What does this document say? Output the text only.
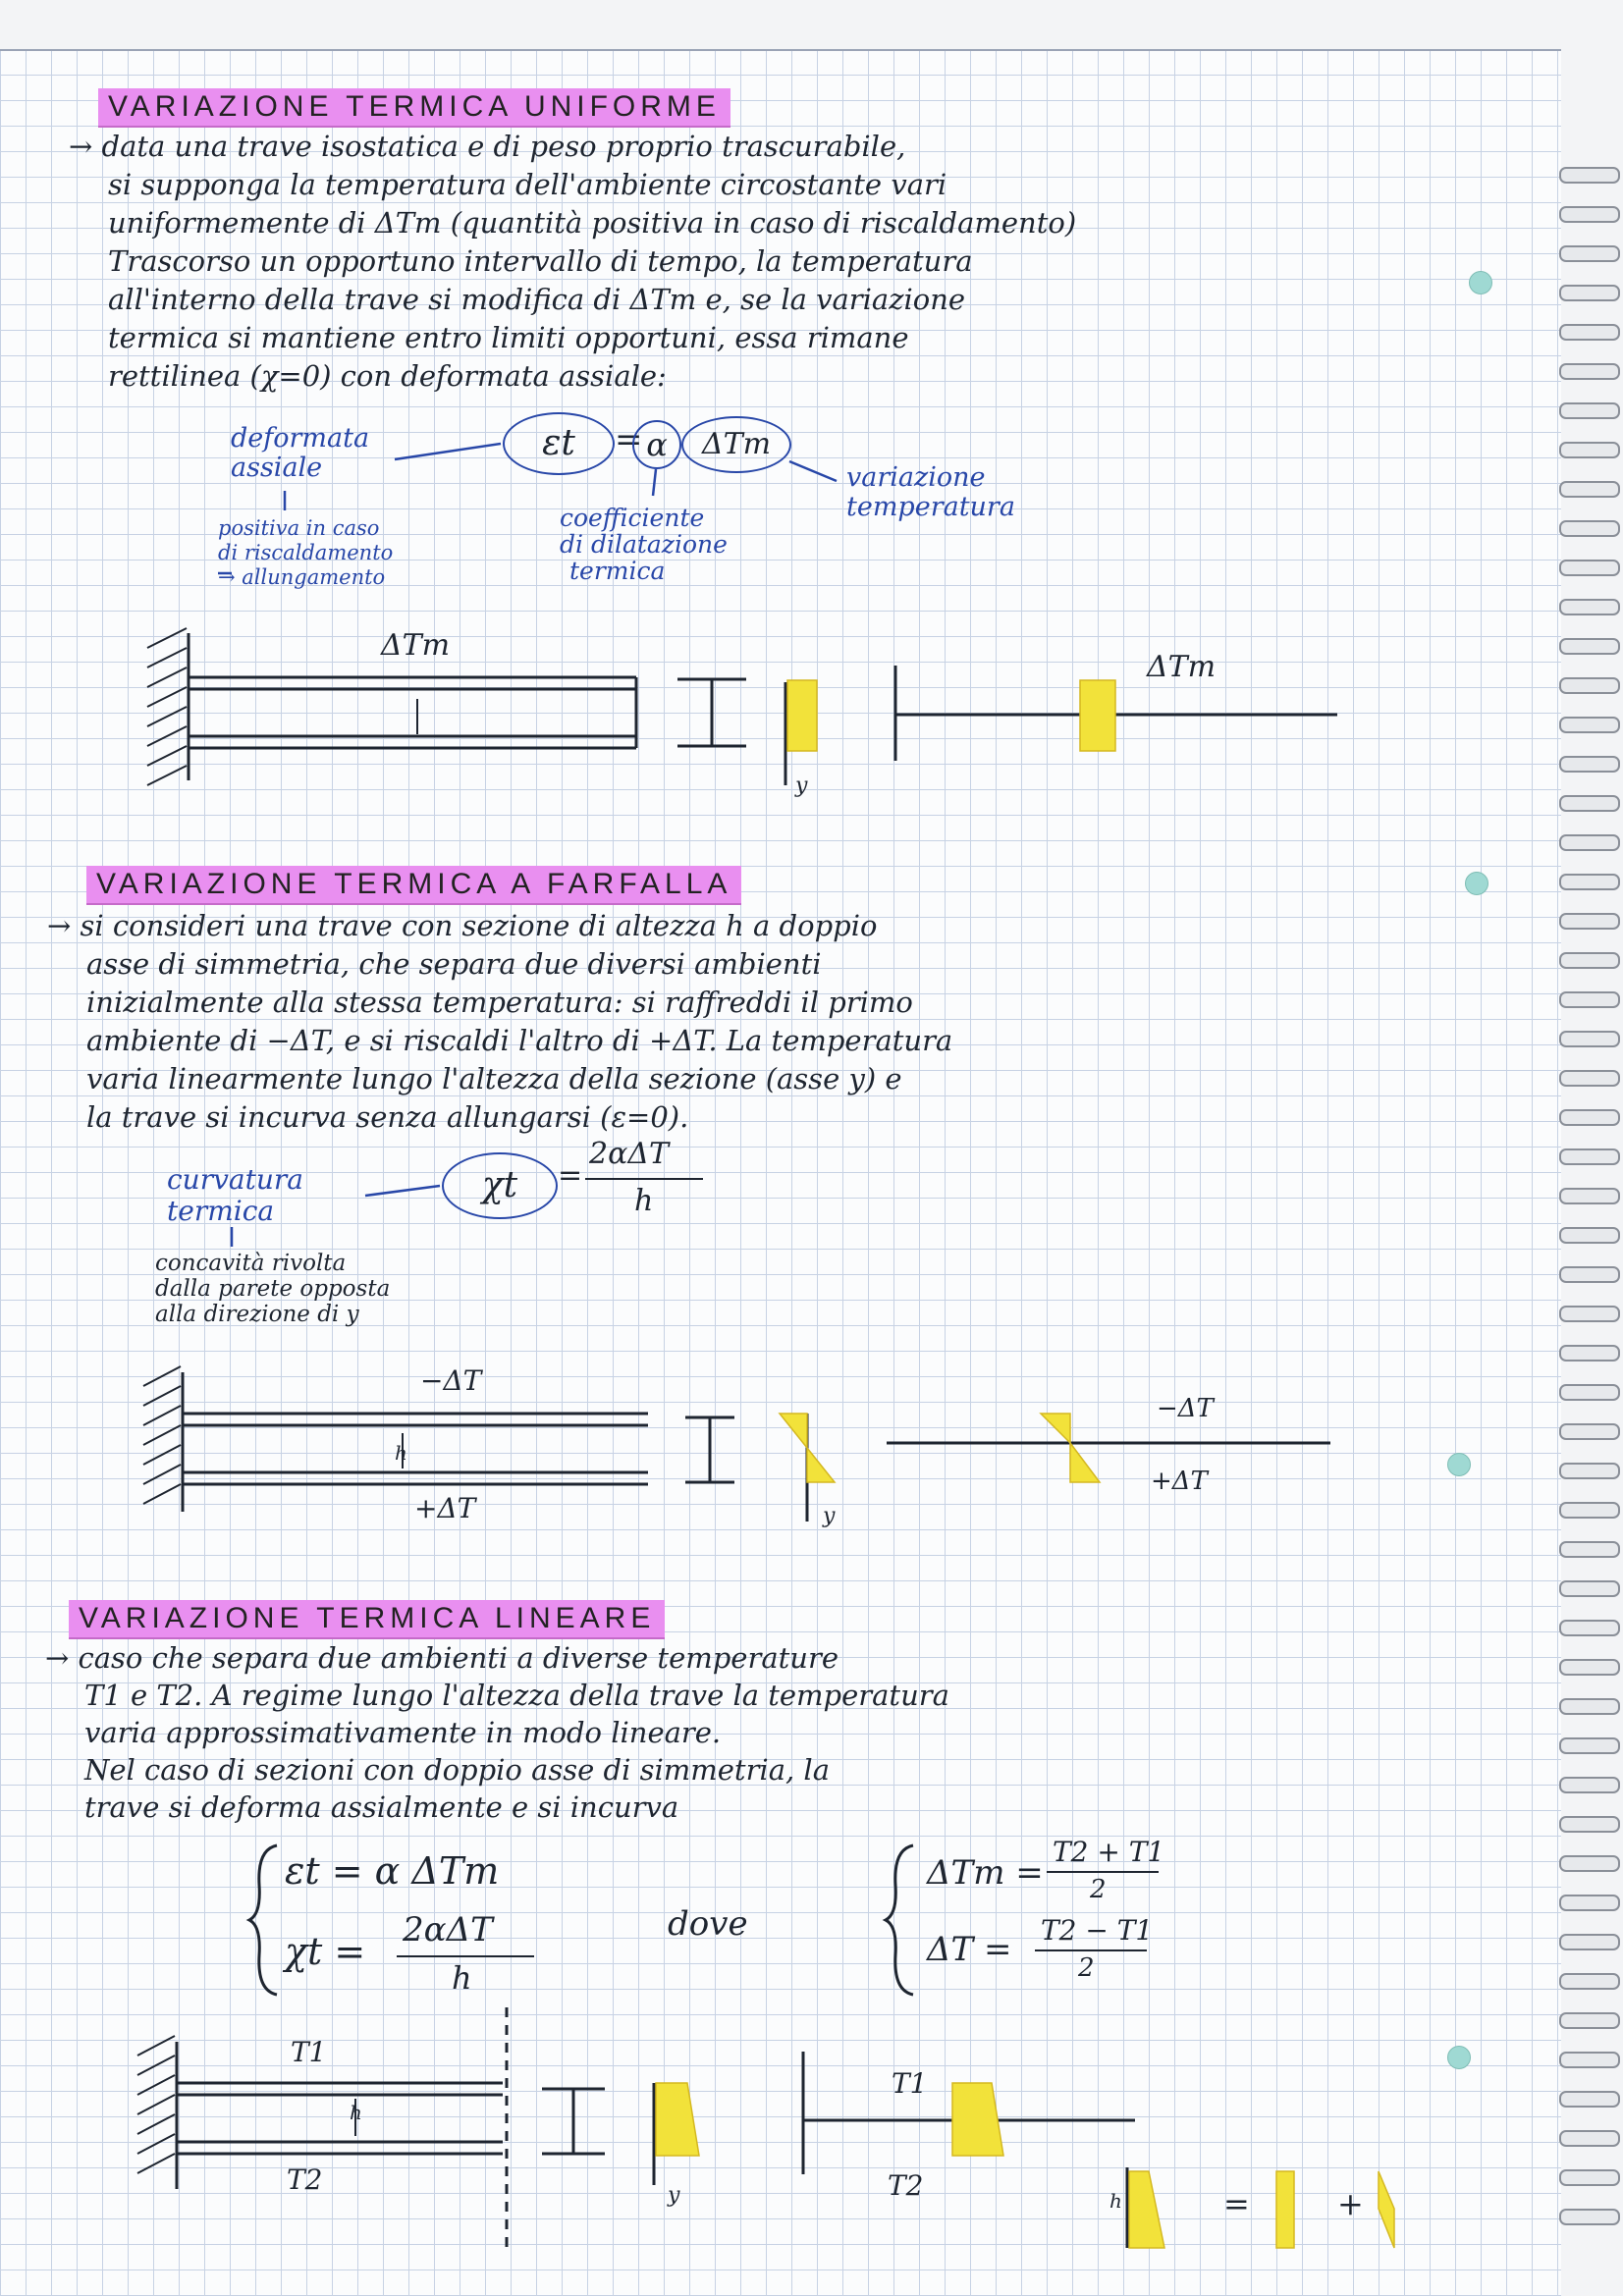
VARIAZIONE TERMICA UNIFORME

→ data una trave isostatica e di peso proprio trascurabile,

si supponga la temperatura dell'ambiente circostante vari

uniformemente di ΔTm (quantità positiva in caso di riscaldamento)

Trascorso un opportuno intervallo di tempo, la temperatura

all'interno della trave si modifica di ΔTm e, se la variazione

termica si mantiene entro limiti opportuni, essa rimane

rettilinea (χ=0) con deformata assiale:

εt	= α	ΔTm

deformata

assiale

positiva in caso

di riscaldamento

→ allungamento

coefficiente

di dilatazione

termica

variazione

temperatura

ΔTm
ΔTm
y
VARIAZIONE TERMICA A FARFALLA

→ si consideri una trave con sezione di altezza h a doppio

asse di simmetria, che separa due diversi ambienti

inizialmente alla stessa temperatura: si raffreddi il primo

ambiente di −ΔT, e si riscaldi l'altro di +ΔT. La temperatura

varia linearmente lungo l'altezza della sezione (asse y) e

la trave si incurva senza allungarsi (ε=0).

χt	=
2αΔT
h

curvatura

termica

concavità rivolta

dalla parete opposta

alla direzione di y

−ΔT
+ΔT
−ΔT
+ΔT
y
h
VARIAZIONE TERMICA LINEARE

→ caso che separa due ambienti a diverse temperature

T1 e T2. A regime lungo l'altezza della trave la temperatura

varia approssimativamente in modo lineare.

Nel caso di sezioni con doppio asse di simmetria, la

trave si deforma assialmente e si incurva

εt = α ΔTm
χt = 2αΔT
h
dove
ΔTm =
T2 + T1
2
ΔT = T2 − T1
2
T1
T2
T1
T2
y
h
h	=	+
